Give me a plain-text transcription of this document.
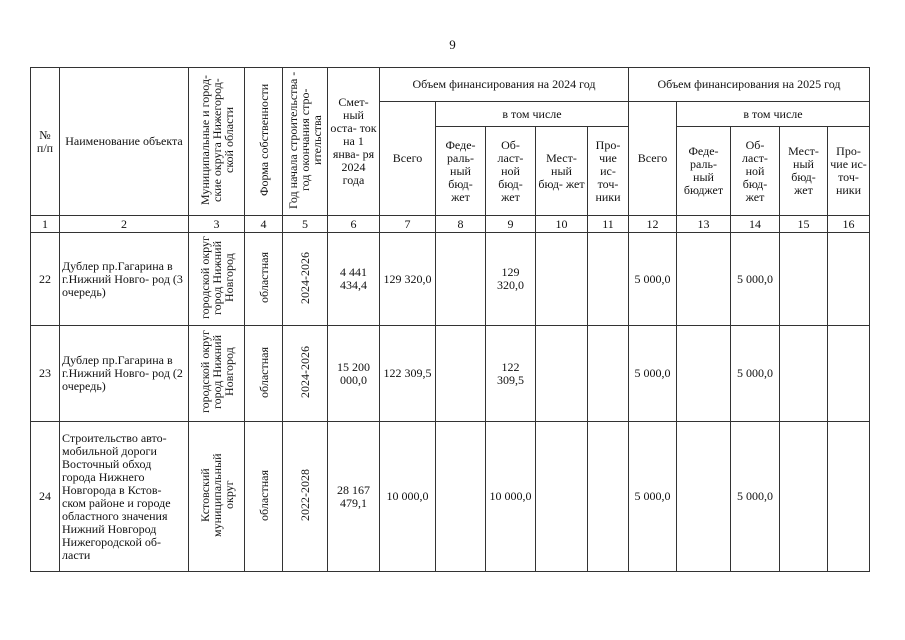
9
№ п/п	Наименование объекта	Муниципальные и город- ские округа Нижегород- ской области	Форма собственности	Год начала строительства - год окончания стро- ительства	Смет- ный оста- ток на 1 янва- ря 2024 года	Объем финансирования на 2024 год					Объем финансирования на 2025 год				
						Всего	в том числе				Всего	в том числе			
							Феде- раль- ный бюд- жет	Об- ласт- ной бюд- жет	Мест- ный бюд- жет	Про- чие ис- точ- ники		Феде- раль- ный бюджет	Об- ласт- ной бюд- жет	Мест- ный бюд- жет	Про- чие ис- точ- ники
1	2	3	4	5	6	7	8	9	10	11	12	13	14	15	16
22	Дублер пр.Гагарина в г.Нижний Новго- род (3 очередь)	городской округ город Нижний Новгород	областная	2024-2026	4 441 434,4	129 320,0		129 320,0			5 000,0		5 000,0		
23	Дублер пр.Гагарина в г.Нижний Новго- род (2 очередь)	городской округ город Нижний Новгород	областная	2024-2026	15 200 000,0	122 309,5		122 309,5			5 000,0		5 000,0		
24	Строительство авто- мобильной дороги Восточный обход города Нижнего Новгорода в Кстов- ском районе и городе областного значения Нижний Новгород Нижегородской об- ласти	Кстовский муниципальный округ	областная	2022-2028	28 167 479,1	10 000,0		10 000,0			5 000,0		5 000,0		
